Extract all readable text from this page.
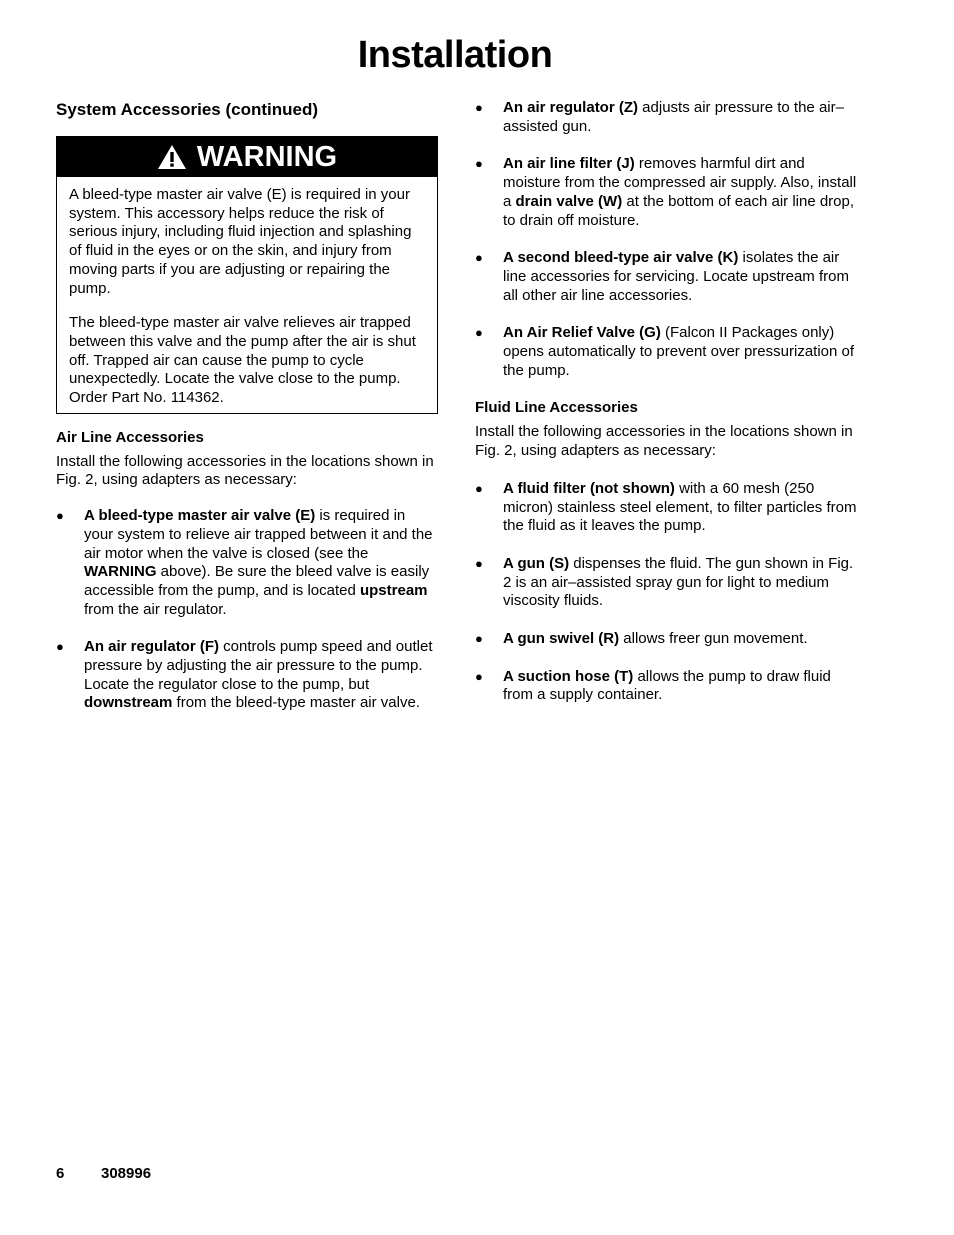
Installation
System Accessories (continued)
WARNING

A bleed-type master air valve (E) is required in your system. This accessory helps reduce the risk of serious injury, including fluid injection and splashing of fluid in the eyes or on the skin, and injury from moving parts if you are adjusting or repairing the pump.

The bleed-type master air valve relieves air trapped between this valve and the pump after the air is shut off. Trapped air can cause the pump to cycle unexpectedly. Locate the valve close to the pump. Order Part No. 114362.

Air Line Accessories
Install the following accessories in the locations shown in Fig. 2, using adapters as necessary:
●	A bleed-type master air valve (E) is required in your system to relieve air trapped between it and the air motor when the valve is closed (see the WARNING above). Be sure the bleed valve is easily accessible from the pump, and is located upstream from the air regulator.
●	An air regulator (F) controls pump speed and outlet pressure by adjusting the air pressure to the pump. Locate the regulator close to the pump, but downstream from the bleed-type master air valve.
●	An air regulator (Z) adjusts air pressure to the air–assisted gun.
●	An air line filter (J) removes harmful dirt and moisture from the compressed air supply. Also, install a drain valve (W) at the bottom of each air line drop, to drain off moisture.
●	A second bleed-type air valve (K) isolates the air line accessories for servicing. Locate upstream from all other air line accessories.
●	An Air Relief Valve (G) (Falcon II Packages only) opens automatically to prevent over pressurization of the pump.
Fluid Line Accessories
Install the following accessories in the locations shown in Fig. 2, using adapters as necessary:
●	A fluid filter (not shown) with a 60 mesh (250 micron) stainless steel element, to filter particles from the fluid as it leaves the pump.
●	A gun (S) dispenses the fluid. The gun shown in Fig. 2 is an air–assisted spray gun for light to medium viscosity fluids.
●	A gun swivel (R) allows freer gun movement.
●	A suction hose (T) allows the pump to draw fluid from a supply container.
6 308996
